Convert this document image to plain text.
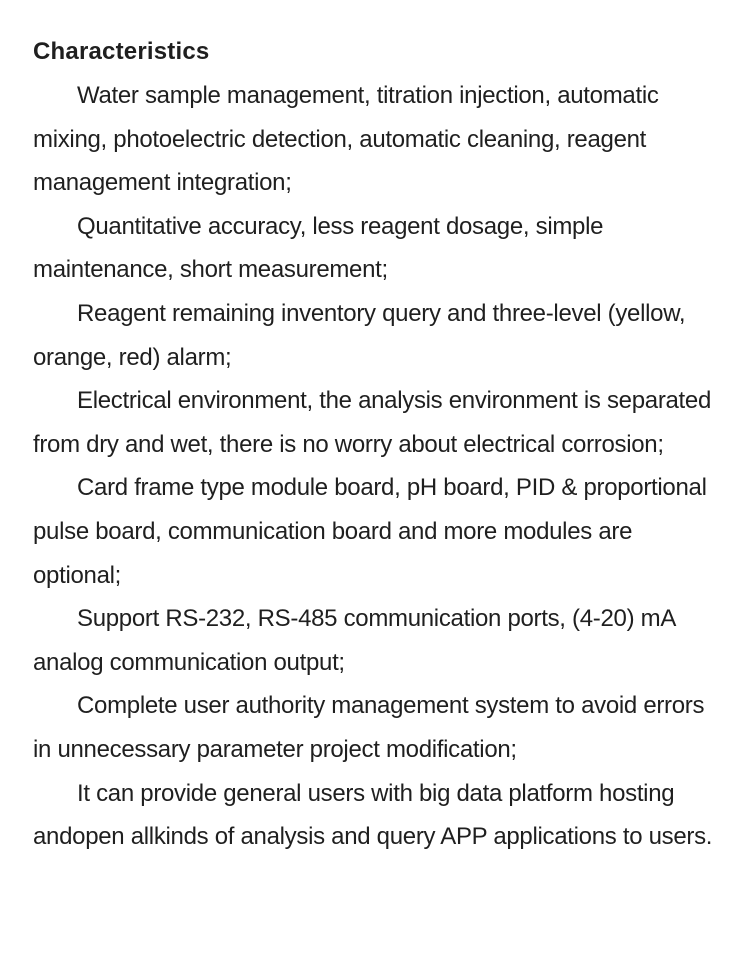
Characteristics

Water sample management, titration injection, automatic mixing, photoelectric detection, automatic cleaning, reagent management integration;

Quantitative accuracy, less reagent dosage, simple maintenance, short measurement;

Reagent remaining inventory query and three-level (yellow, orange, red) alarm;

Electrical environment, the analysis environment is separated from dry and wet, there is no worry about electrical corrosion;

Card frame type module board, pH board, PID & proportional pulse board, communication board and more modules are optional;

Support RS-232, RS-485 communication ports, (4-20) mA analog communication output;

Complete user authority management system to avoid errors in unnecessary parameter project modification;

It can provide general users with big data platform hosting andopen allkinds of analysis and query APP applications to users.
